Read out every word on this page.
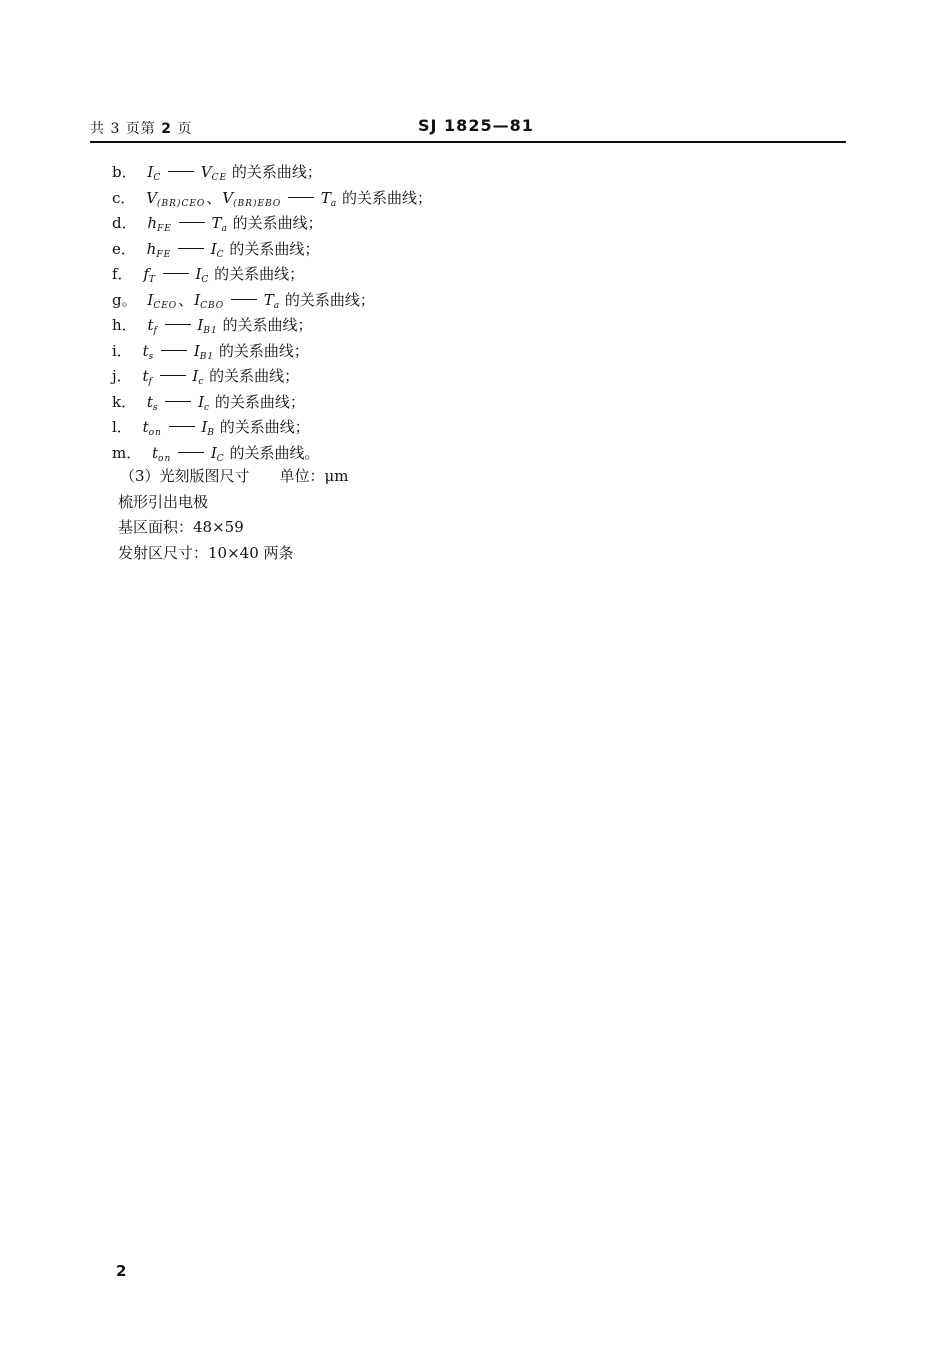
共 3 页第 2 页	SJ 1825—81
b． $I_C$	$V_{CE}$ 的关系曲线；
c． $V_{(BR)CEO}$、$V_{(BR)EBO}$	$T_a$ 的关系曲线；
d． $h_{FE}$	$T_a$ 的关系曲线；
e． $h_{FE}$	$I_C$ 的关系曲线；
f． $f_T$	$I_C$ 的关系曲线；
g。 $I_{CEO}$、$I_{CBO}$	$T_a$ 的关系曲线；
h． $t_f$	$I_{B1}$ 的关系曲线；
i． $t_s$	$I_{B1}$ 的关系曲线；
j． $t_f$	$I_c$ 的关系曲线；
k． $t_s$	$I_c$ 的关系曲线；
l． $t_{on}$	$I_B$ 的关系曲线；
m． $t_{on}$	$I_C$ 的关系曲线。
（3）光刻版图尺寸 单位：μm
梳形引出电极
基区面积：48×59
发射区尺寸：10×40 两条
2
